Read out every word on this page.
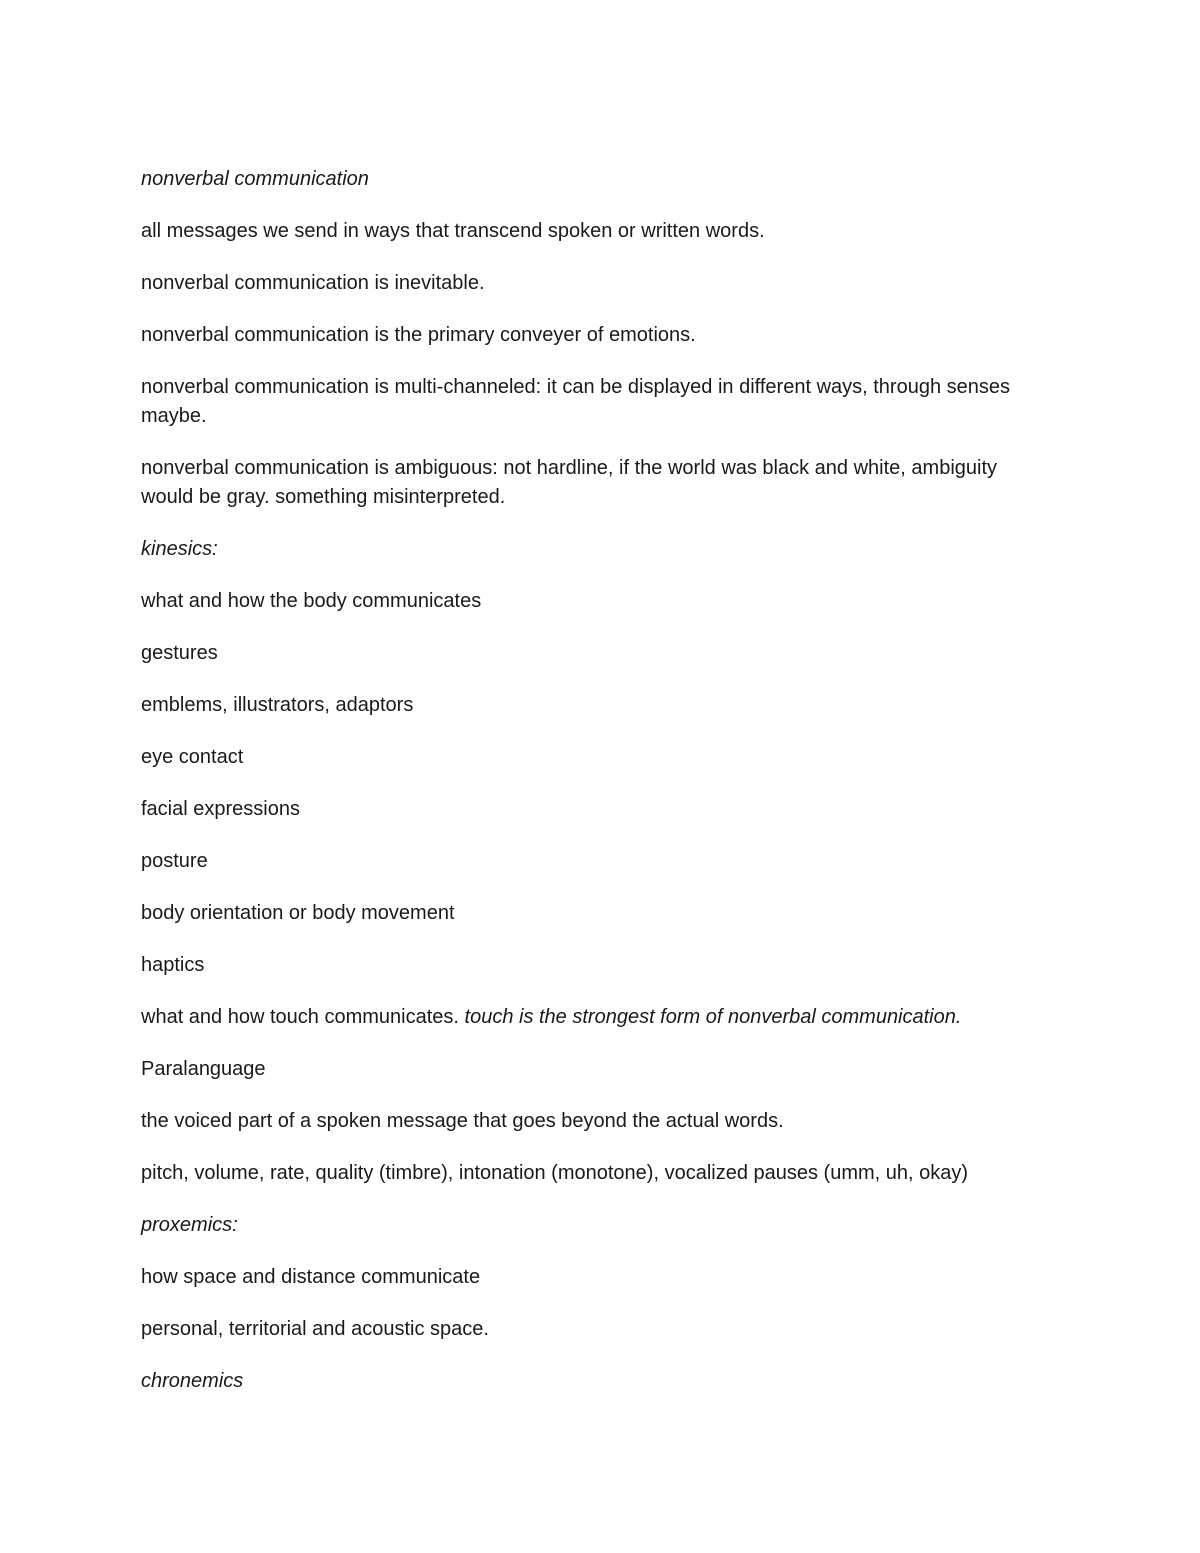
nonverbal communication

all messages we send in ways that transcend spoken or written words.

nonverbal communication is inevitable.

nonverbal communication is the primary conveyer of emotions.

nonverbal communication is multi-channeled: it can be displayed in different ways, through senses maybe.

nonverbal communication is ambiguous: not hardline, if the world was black and white, ambiguity would be gray. something misinterpreted.

kinesics:

what and how the body communicates

gestures

emblems, illustrators, adaptors

eye contact

facial expressions

posture

body orientation or body movement

haptics

what and how touch communicates. touch is the strongest form of nonverbal communication.

Paralanguage

the voiced part of a spoken message that goes beyond the actual words.

pitch, volume, rate, quality (timbre), intonation (monotone), vocalized pauses (umm, uh, okay)

proxemics:

how space and distance communicate

personal, territorial and acoustic space.

chronemics
